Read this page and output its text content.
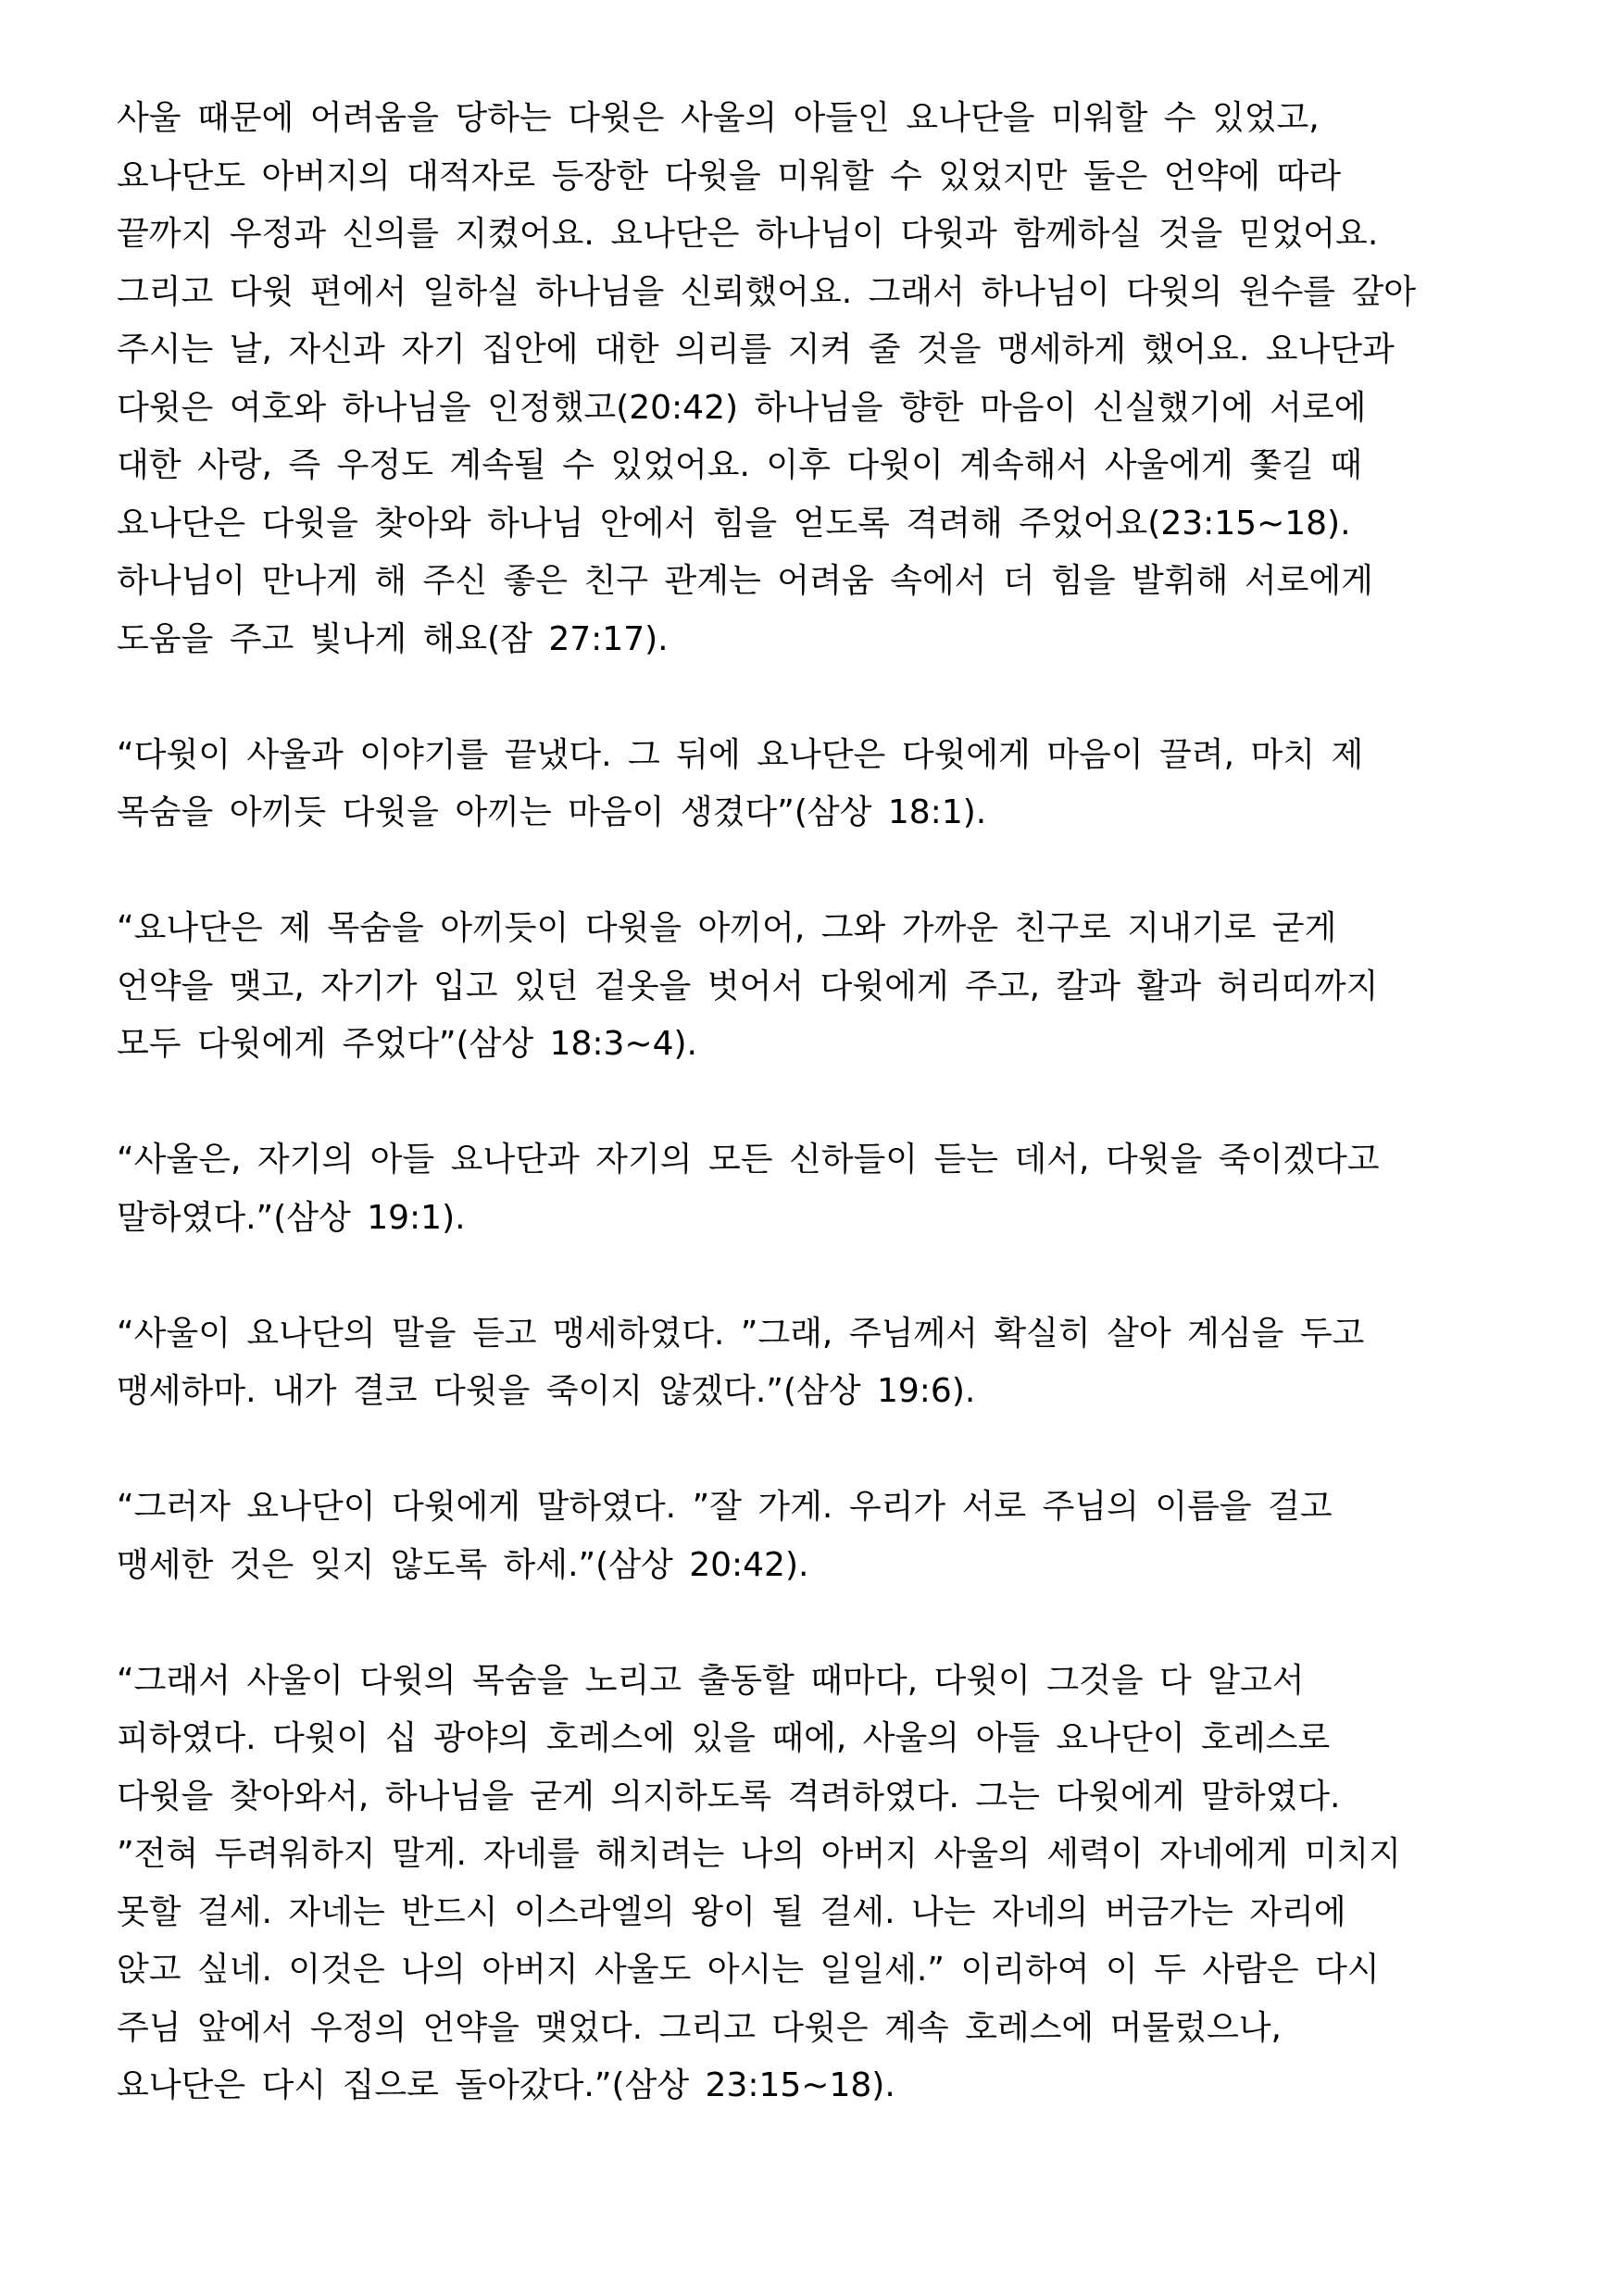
사울 때문에 어려움을 당하는 다윗은 사울의 아들인 요나단을 미워할 수 있었고,
요나단도 아버지의 대적자로 등장한 다윗을 미워할 수 있었지만 둘은 언약에 따라
끝까지 우정과 신의를 지켰어요. 요나단은 하나님이 다윗과 함께하실 것을 믿었어요.
그리고 다윗 편에서 일하실 하나님을 신뢰했어요. 그래서 하나님이 다윗의 원수를 갚아
주시는 날, 자신과 자기 집안에 대한 의리를 지켜 줄 것을 맹세하게 했어요. 요나단과
다윗은 여호와 하나님을 인정했고(20:42) 하나님을 향한 마음이 신실했기에 서로에
대한 사랑, 즉 우정도 계속될 수 있었어요. 이후 다윗이 계속해서 사울에게 쫓길 때
요나단은 다윗을 찾아와 하나님 안에서 힘을 얻도록 격려해 주었어요(23:15~18).
하나님이 만나게 해 주신 좋은 친구 관계는 어려움 속에서 더 힘을 발휘해 서로에게
도움을 주고 빛나게 해요(잠 27:17).
“다윗이 사울과 이야기를 끝냈다. 그 뒤에 요나단은 다윗에게 마음이 끌려, 마치 제
목숨을 아끼듯 다윗을 아끼는 마음이 생겼다”(삼상 18:1).
“요나단은 제 목숨을 아끼듯이 다윗을 아끼어, 그와 가까운 친구로 지내기로 굳게
언약을 맺고, 자기가 입고 있던 겉옷을 벗어서 다윗에게 주고, 칼과 활과 허리띠까지
모두 다윗에게 주었다”(삼상 18:3~4).
“사울은, 자기의 아들 요나단과 자기의 모든 신하들이 듣는 데서, 다윗을 죽이겠다고
말하였다.”(삼상 19:1).
“사울이 요나단의 말을 듣고 맹세하였다. ”그래, 주님께서 확실히 살아 계심을 두고
맹세하마. 내가 결코 다윗을 죽이지 않겠다.”(삼상 19:6).
“그러자 요나단이 다윗에게 말하였다. ”잘 가게. 우리가 서로 주님의 이름을 걸고
맹세한 것은 잊지 않도록 하세.”(삼상 20:42).
“그래서 사울이 다윗의 목숨을 노리고 출동할 때마다, 다윗이 그것을 다 알고서
피하였다. 다윗이 십 광야의 호레스에 있을 때에, 사울의 아들 요나단이 호레스로
다윗을 찾아와서, 하나님을 굳게 의지하도록 격려하였다. 그는 다윗에게 말하였다.
”전혀 두려워하지 말게. 자네를 해치려는 나의 아버지 사울의 세력이 자네에게 미치지
못할 걸세. 자네는 반드시 이스라엘의 왕이 될 걸세. 나는 자네의 버금가는 자리에
앉고 싶네. 이것은 나의 아버지 사울도 아시는 일일세.” 이리하여 이 두 사람은 다시
주님 앞에서 우정의 언약을 맺었다. 그리고 다윗은 계속 호레스에 머물렀으나,
요나단은 다시 집으로 돌아갔다.”(삼상 23:15~18).
